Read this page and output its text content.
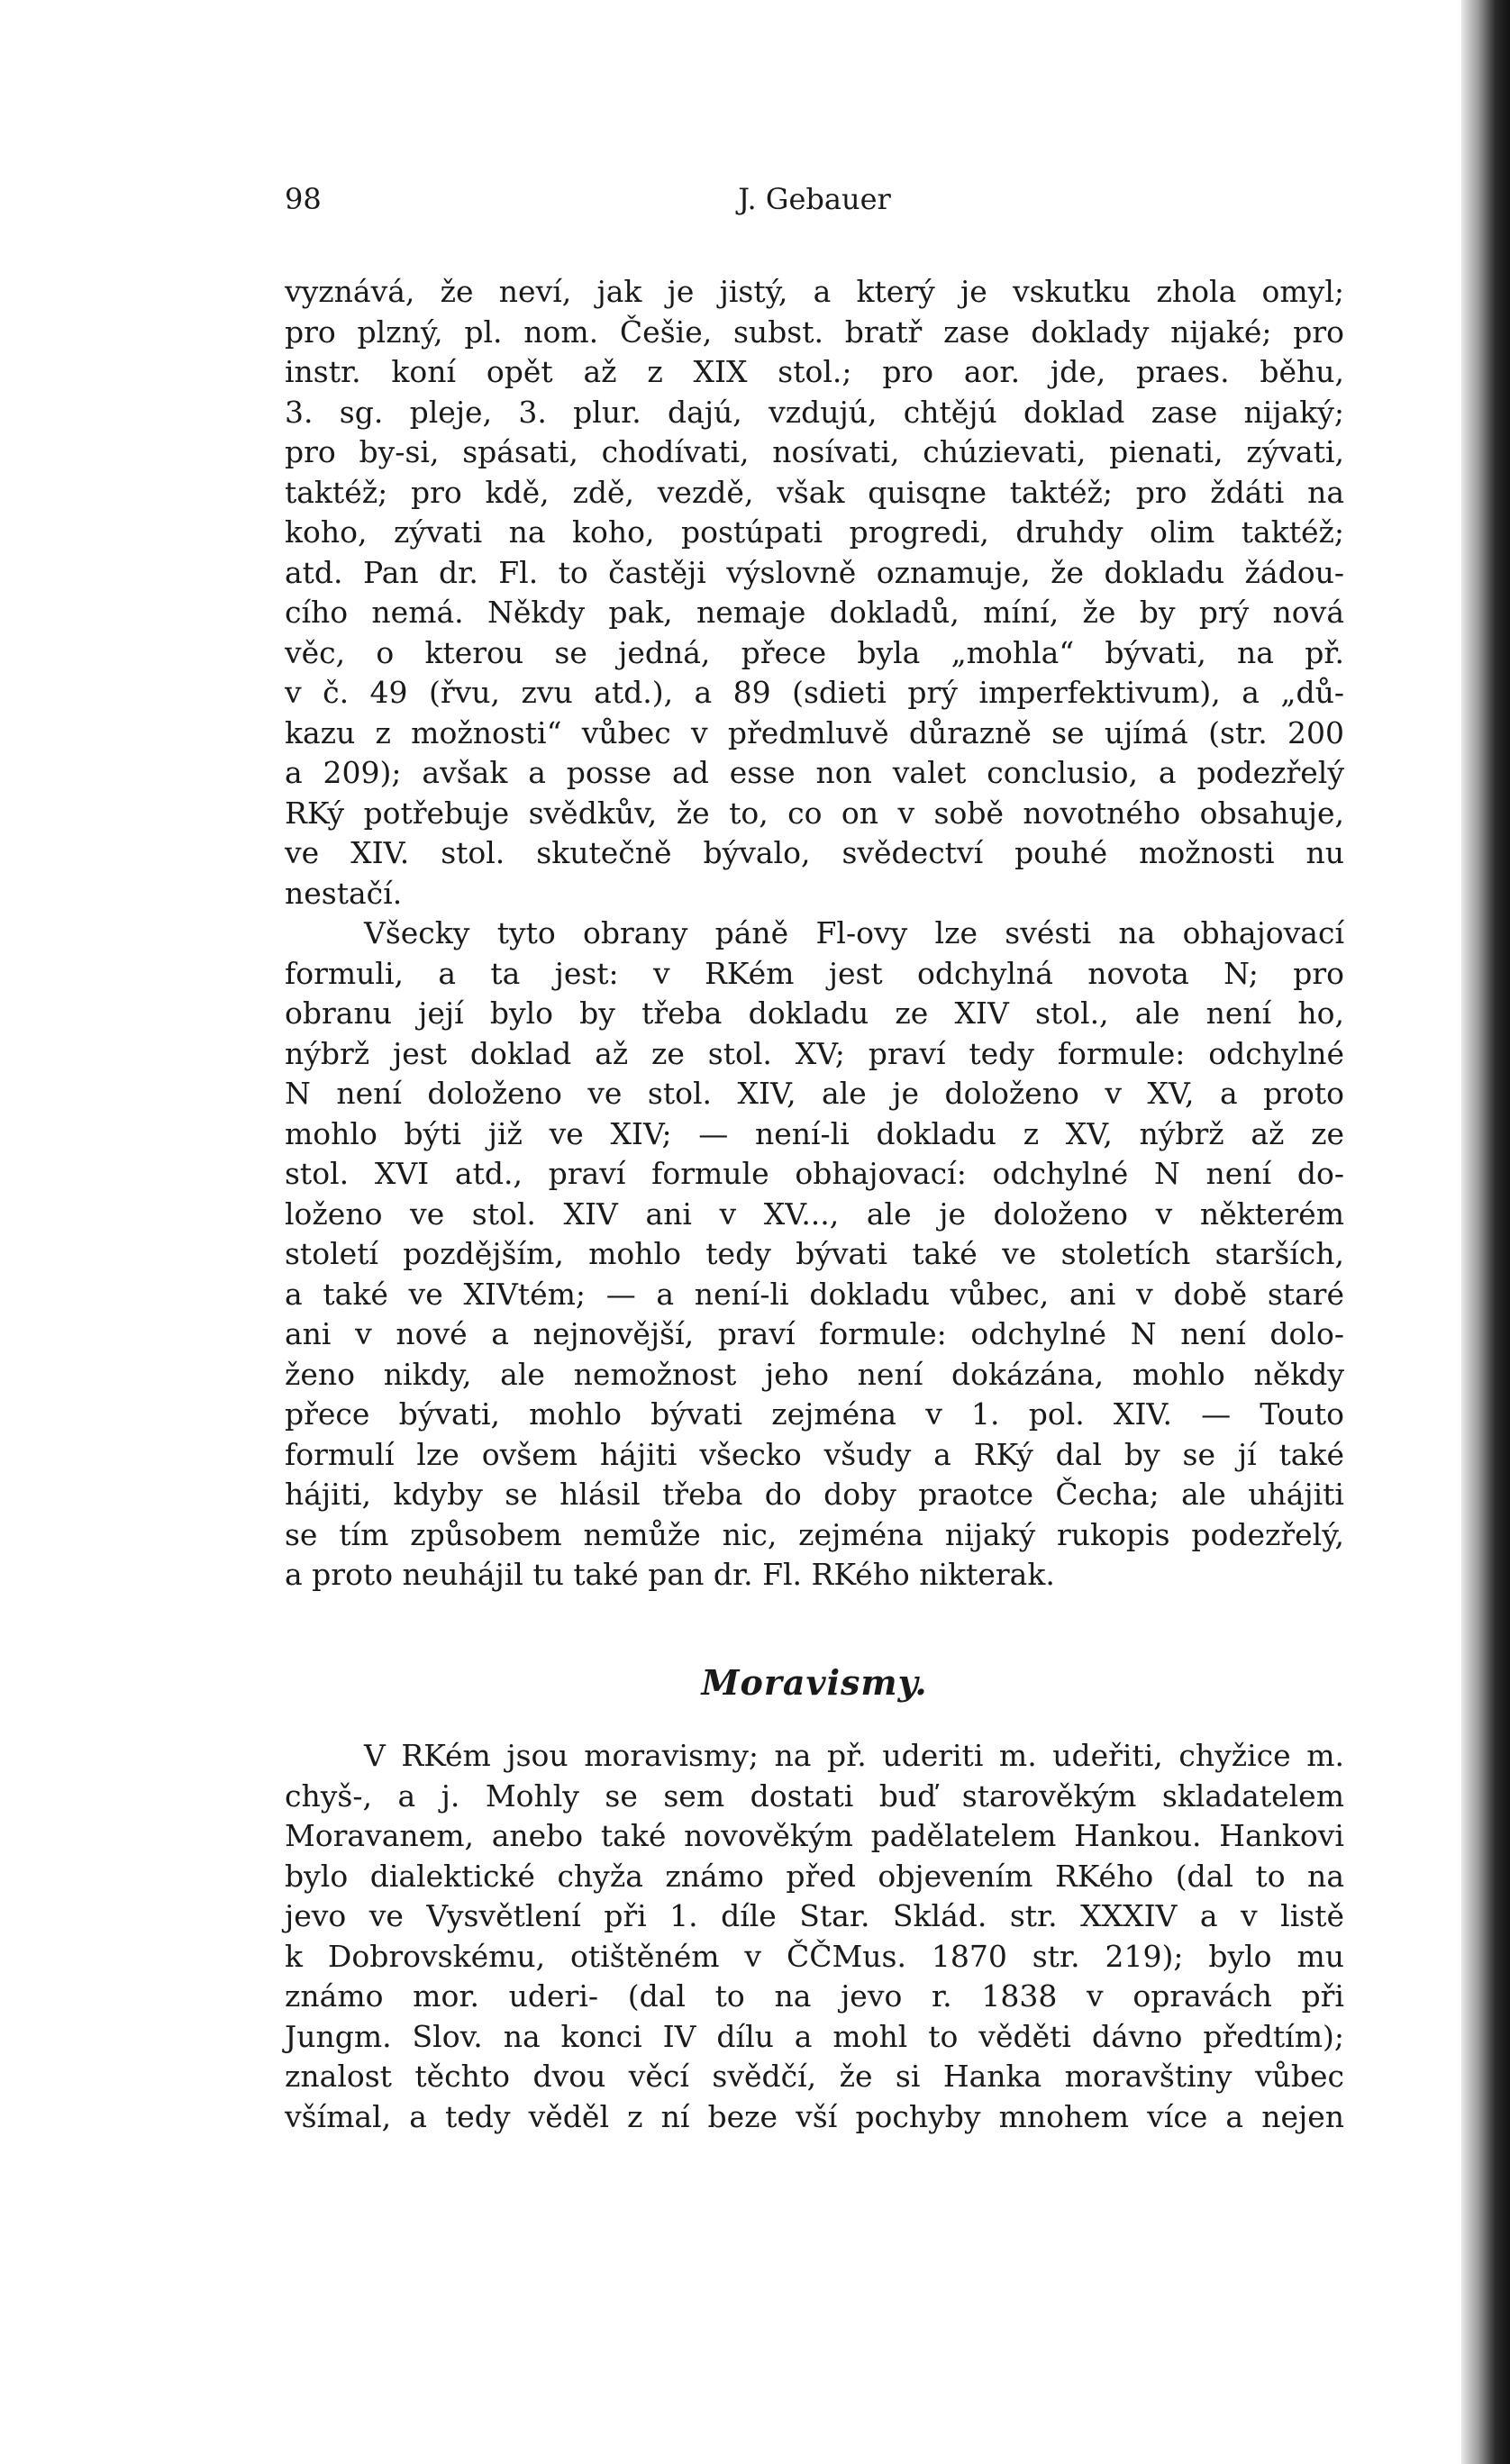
J. Gebauer
98
vyznává, že neví, jak je jistý, a který je vskutku zhola omyl;
pro plzný, pl. nom. Češie, subst. bratř zase doklady nijaké; pro
instr. koní opět až z XIX stol.; pro aor. jde, praes. běhu,
3. sg. pleje, 3. plur. dajú, vzdujú, chtějú doklad zase nijaký;
pro by-si, spásati, chodívati, nosívati, chúzievati, pienati, zývati,
taktéž; pro kdě, zdě, vezdě, však quisqne taktéž; pro ždáti na
koho, zývati na koho, postúpati progredi, druhdy olim taktéž;
atd. Pan dr. Fl. to častěji výslovně oznamuje, že dokladu žádou-
cího nemá. Někdy pak, nemaje dokladů, míní, že by prý nová
věc, o kterou se jedná, přece byla „mohla“ bývati, na př.
v č. 49 (řvu, zvu atd.), a 89 (sdieti prý imperfektivum), a „dů-
kazu z možnosti“ vůbec v předmluvě důrazně se ujímá (str. 200
a 209); avšak a posse ad esse non valet conclusio, a podezřelý
RKý potřebuje svědkův, že to, co on v sobě novotného obsahuje,
ve XIV. stol. skutečně bývalo, svědectví pouhé možnosti nu
nestačí.
Všecky tyto obrany páně Fl-ovy lze svésti na obhajovací
formuli, a ta jest: v RKém jest odchylná novota N; pro
obranu její bylo by třeba dokladu ze XIV stol., ale není ho,
nýbrž jest doklad až ze stol. XV; praví tedy formule: odchylné
N není doloženo ve stol. XIV, ale je doloženo v XV, a proto
mohlo býti již ve XIV; — není-li dokladu z XV, nýbrž až ze
stol. XVI atd., praví formule obhajovací: odchylné N není do-
loženo ve stol. XIV ani v XV..., ale je doloženo v některém
století pozdějším, mohlo tedy bývati také ve stoletích starších,
a také ve XIVtém; — a není-li dokladu vůbec, ani v době staré
ani v nové a nejnovější, praví formule: odchylné N není dolo-
ženo nikdy, ale nemožnost jeho není dokázána, mohlo někdy
přece bývati, mohlo bývati zejména v 1. pol. XIV. — Touto
formulí lze ovšem hájiti všecko všudy a RKý dal by se jí také
hájiti, kdyby se hlásil třeba do doby praotce Čecha; ale uhájiti
se tím způsobem nemůže nic, zejména nijaký rukopis podezřelý,
a proto neuhájil tu také pan dr. Fl. RKého nikterak.
Moravismy.
V RKém jsou moravismy; na př. uderiti m. udeřiti, chyžice m.
chyš-, a j. Mohly se sem dostati buď starověkým skladatelem
Moravanem, anebo také novověkým padělatelem Hankou. Hankovi
bylo dialektické chyža známo před objevením RKého (dal to na
jevo ve Vysvětlení při 1. díle Star. Sklád. str. XXXIV a v listě
k Dobrovskému, otištěném v ČČMus. 1870 str. 219); bylo mu
známo mor. uderi- (dal to na jevo r. 1838 v opravách při
Jungm. Slov. na konci IV dílu a mohl to věděti dávno předtím);
znalost těchto dvou věcí svědčí, že si Hanka moravštiny vůbec
všímal, a tedy věděl z ní beze vší pochyby mnohem více a nejen
